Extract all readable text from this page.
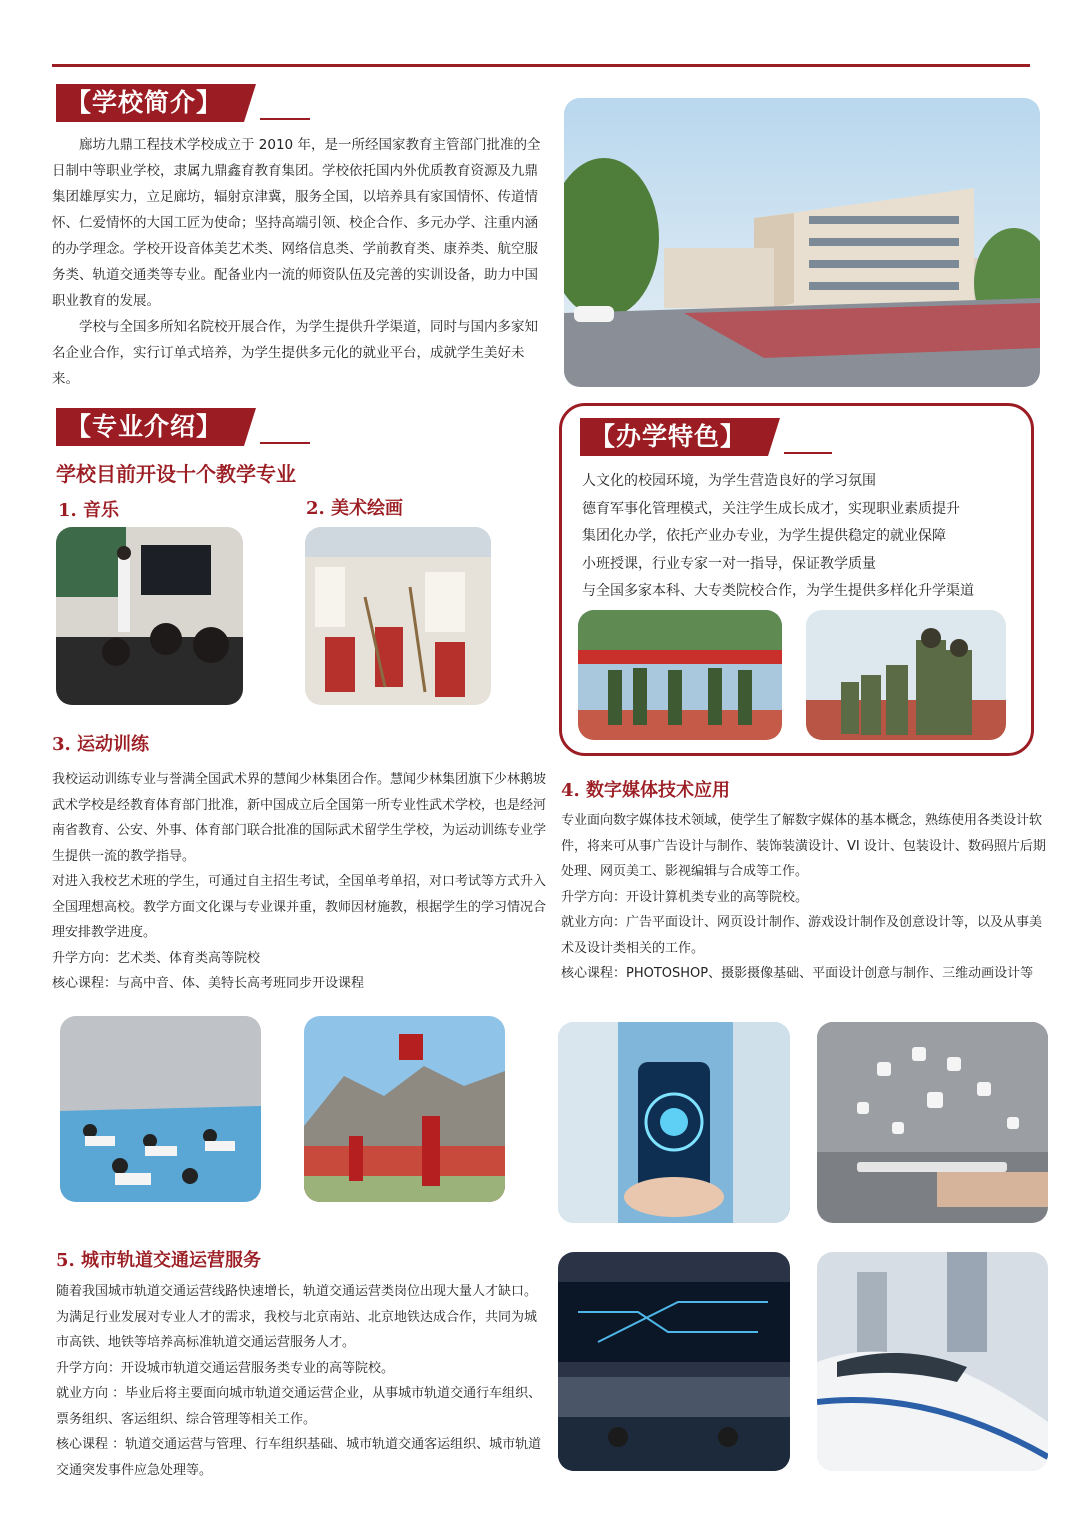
【学校简介】

廊坊九鼎工程技术学校成立于 2010 年，是一所经国家教育主管部门批准的全日制中等职业学校，隶属九鼎鑫育教育集团。学校依托国内外优质教育资源及九鼎集团雄厚实力，立足廊坊，辐射京津冀，服务全国，以培养具有家国情怀、传道情怀、仁爱情怀的大国工匠为使命；坚持高端引领、校企合作、多元办学、注重内涵的办学理念。学校开设音体美艺术类、网络信息类、学前教育类、康养类、航空服务类、轨道交通类等专业。配备业内一流的师资队伍及完善的实训设备，助力中国职业教育的发展。

学校与全国多所知名院校开展合作，为学生提供升学渠道，同时与国内多家知名企业合作，实行订单式培养，为学生提供多元化的就业平台，成就学生美好未来。

【专业介绍】
学校目前开设十个教学专业
1. 音乐	2. 美术绘画
3. 运动训练

我校运动训练专业与誉满全国武术界的慧闻少林集团合作。慧闻少林集团旗下少林鹅坡武术学校是经教育体育部门批准，新中国成立后全国第一所专业性武术学校，也是经河南省教育、公安、外事、体育部门联合批准的国际武术留学生学校，为运动训练专业学生提供一流的教学指导。

对进入我校艺术班的学生，可通过自主招生考试，全国单考单招，对口考试等方式升入全国理想高校。教学方面文化课与专业课并重，教师因材施教，根据学生的学习情况合理安排教学进度。

升学方向：艺术类、体育类高等院校

核心课程：与高中音、体、美特长高考班同步开设课程

5. 城市轨道交通运营服务

随着我国城市轨道交通运营线路快速增长，轨道交通运营类岗位出现大量人才缺口。为满足行业发展对专业人才的需求，我校与北京南站、北京地铁达成合作，共同为城市高铁、地铁等培养高标准轨道交通运营服务人才。

升学方向：开设城市轨道交通运营服务类专业的高等院校。

就业方向 ：毕业后将主要面向城市轨道交通运营企业，从事城市轨道交通行车组织、票务组织、客运组织、综合管理等相关工作。

核心课程 ：轨道交通运营与管理、行车组织基础、城市轨道交通客运组织、城市轨道交通突发事件应急处理等。

【办学特色】
人文化的校园环境，为学生营造良好的学习氛围
德育军事化管理模式，关注学生成长成才，实现职业素质提升
集团化办学，依托产业办专业，为学生提供稳定的就业保障
小班授课，行业专家一对一指导，保证教学质量
与全国多家本科、大专类院校合作，为学生提供多样化升学渠道
4. 数字媒体技术应用

专业面向数字媒体技术领域，使学生了解数字媒体的基本概念，熟练使用各类设计软件，将来可从事广告设计与制作、装饰装潢设计、VI 设计、包装设计、数码照片后期处理、网页美工、影视编辑与合成等工作。

升学方向：开设计算机类专业的高等院校。

就业方向：广告平面设计、网页设计制作、游戏设计制作及创意设计等，以及从事美术及设计类相关的工作。

核心课程：PHOTOSHOP、摄影摄像基础、平面设计创意与制作、三维动画设计等
